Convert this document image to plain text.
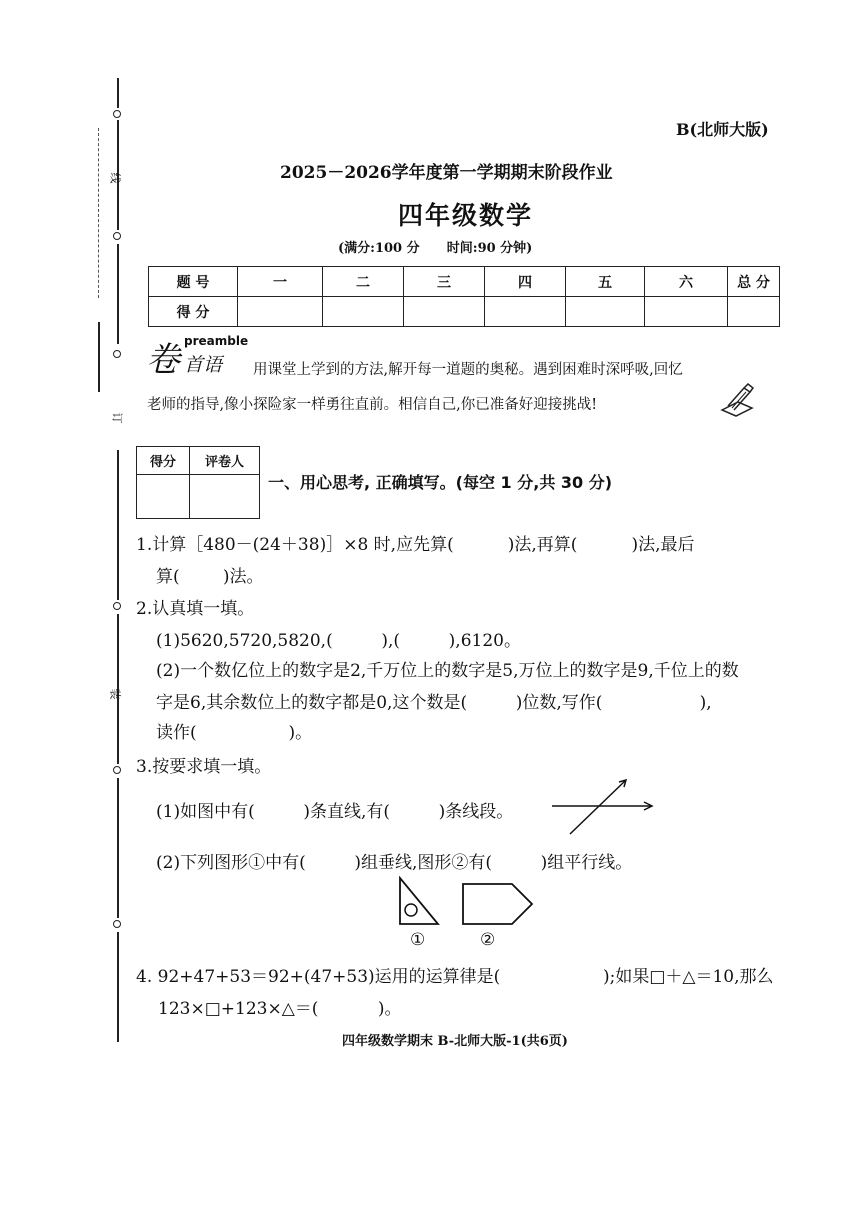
线
装
订
B(北师大版)
2025－2026学年度第一学期期末阶段作业
四年级数学
(满分:100 分      时间:90 分钟)
题 号	一	二	三	四	五	六	总 分
得 分							
preamble
卷 首语 用课堂上学到的方法,解开每一道题的奥秘。遇到困难时深呼吸,回忆
老师的指导,像小探险家一样勇往直前。相信自己,你已准备好迎接挑战!
得分	评卷人

一、用心思考, 正确填写。(每空 1 分,共 30 分)
1.计算［480－(24＋38)］×8 时,应先算(          )法,再算(          )法,最后
算(        )法。
2.认真填一填。
(1)5620,5720,5820,(         ),(         ),6120。
(2)一个数亿位上的数字是2,千万位上的数字是5,万位上的数字是9,千位上的数
字是6,其余数位上的数字都是0,这个数是(         )位数,写作(                  ),
读作(                 )。
3.按要求填一填。
(1)如图中有(         )条直线,有(         )条线段。
(2)下列图形①中有(         )组垂线,图形②有(         )组平行线。
①	②
4. 92+47+53＝92+(47+53)运用的运算律是(                   );如果□＋△＝10,那么
123×□+123×△＝(           )。
四年级数学期末 B-北师大版-1(共6页)
